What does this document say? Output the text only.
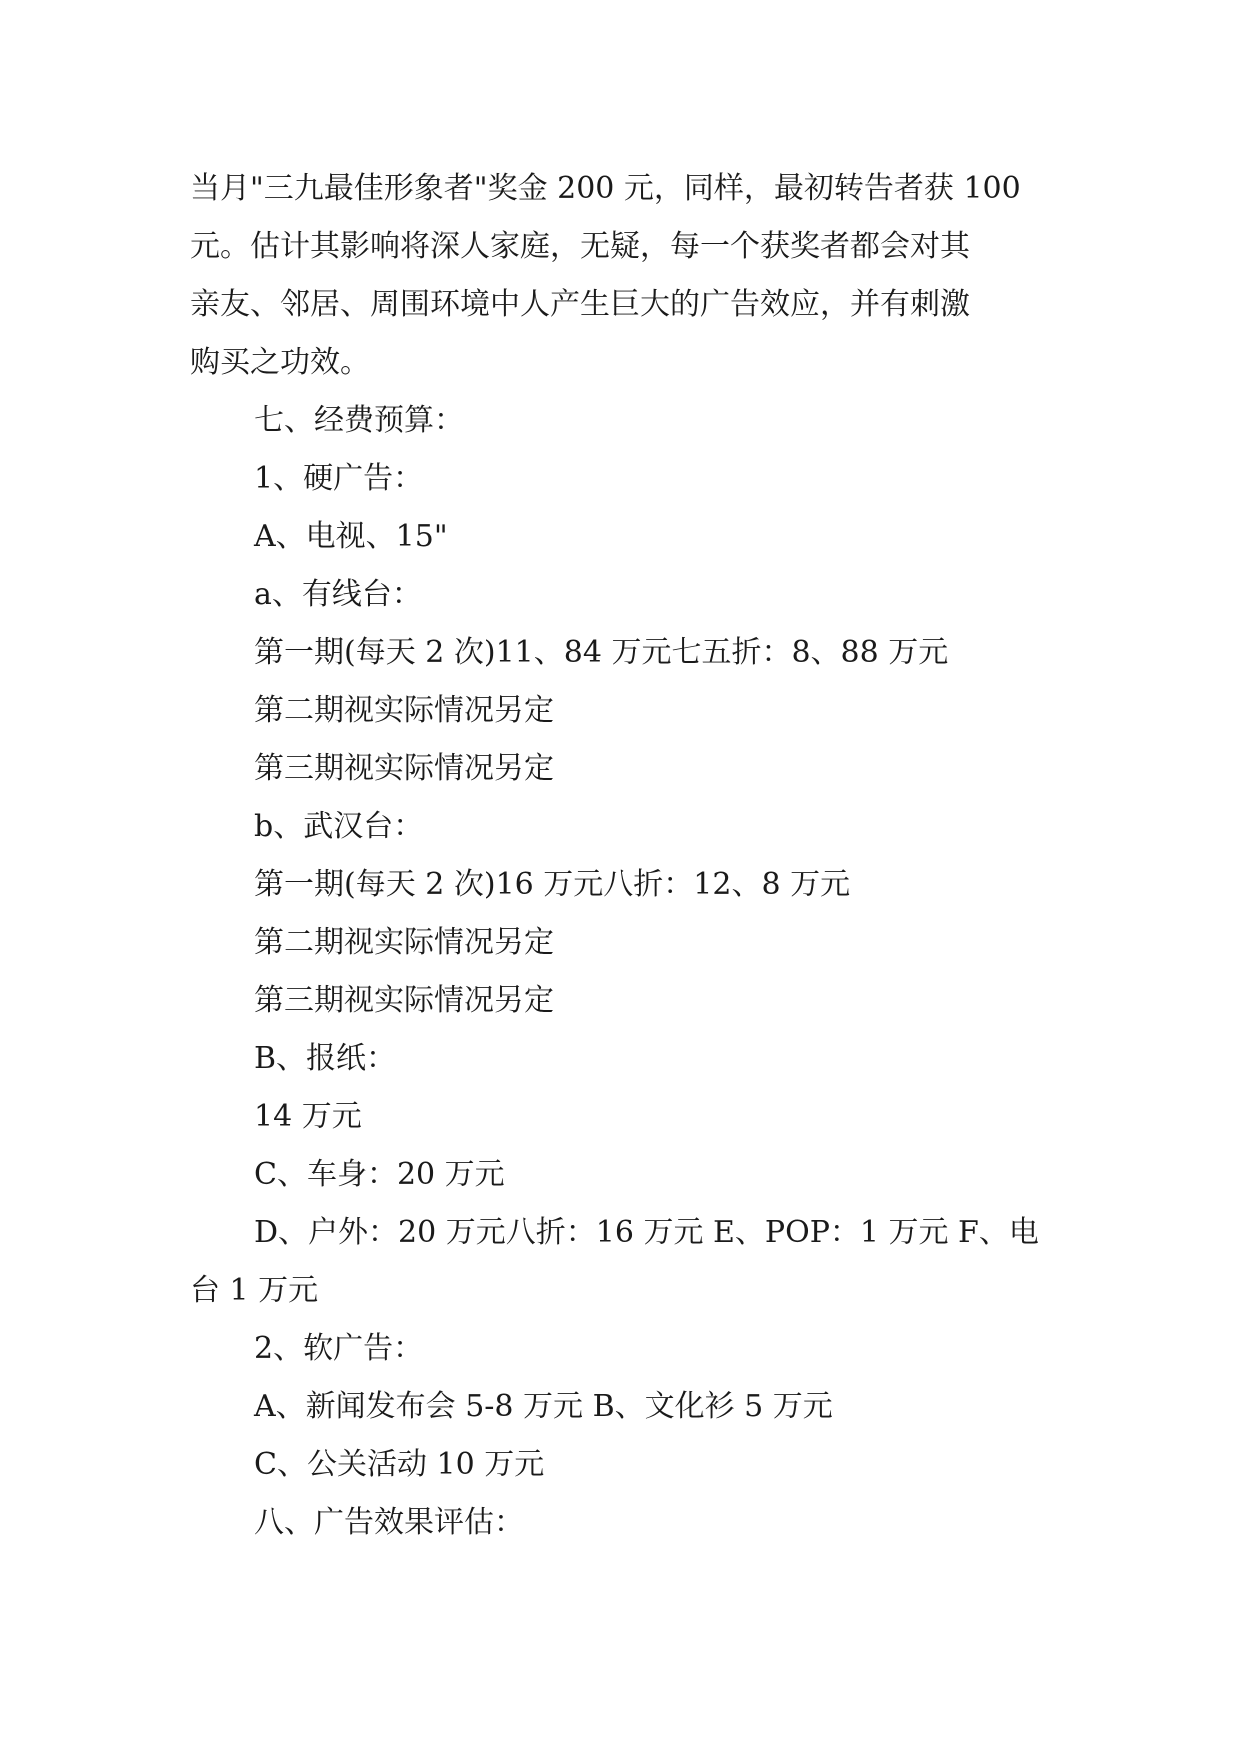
当月"三九最佳形象者"奖金 200 元，同样，最初转告者获 100
元。估计其影响将深人家庭，无疑，每一个获奖者都会对其
亲友、邻居、周围环境中人产生巨大的广告效应，并有刺激
购买之功效。
七、经费预算：
1、硬广告：
A、电视、15"
a、有线台：
第一期(每天 2 次)11、84 万元七五折：8、88 万元
第二期视实际情况另定
第三期视实际情况另定
b、武汉台：
第一期(每天 2 次)16 万元八折：12、8 万元
第二期视实际情况另定
第三期视实际情况另定
B、报纸：
14 万元
C、车身：20 万元
D、户外：20 万元八折：16 万元 E、POP：1 万元 F、电
台 1 万元
2、软广告：
A、新闻发布会 5-8 万元 B、文化衫 5 万元
C、公关活动 10 万元
八、广告效果评估：
